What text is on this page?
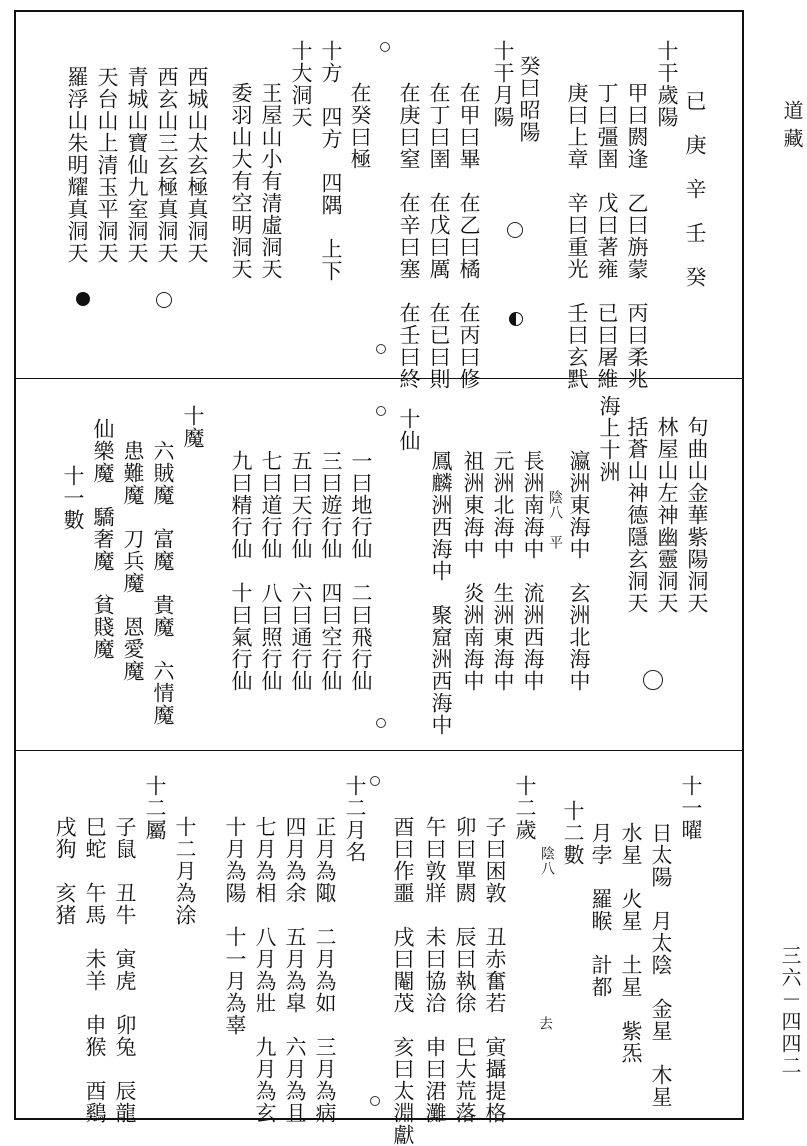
道藏
三六－四四二
已　庚　辛　壬　癸
十干歲陽
甲曰閼逢　乙曰旃蒙　丙曰柔兆
丁曰彊圉　戊曰著雍　已曰屠維
庚曰上章　辛曰重光　壬曰玄黓
癸曰昭陽
十干月陽
在甲曰畢　在乙曰橘　在丙曰修
在丁曰圉　在戊曰厲　在已曰則
在庚曰窒　在辛曰塞　在壬曰終
在癸曰極
十方　四方　四隅　上下
十大洞天
王屋山小有清虛洞天
委羽山大有空明洞天
西城山太玄極真洞天
西玄山三玄極真洞天
青城山寶仙九室洞天
天台山上清玉平洞天
羅浮山朱明耀真洞天
句曲山金華紫陽洞天
林屋山左神幽靈洞天
括蒼山神德隱玄洞天
海上十洲
瀛洲東海中　玄洲北海中
陰八　平
長洲南海中　流洲西海中
元洲北海中　生洲東海中
祖洲東海中　炎洲南海中
鳳麟洲西海中　聚窟洲西海中
十仙
一曰地行仙　二曰飛行仙
三曰遊行仙　四曰空行仙
五曰天行仙　六曰通行仙
七曰道行仙　八曰照行仙
九曰精行仙　十曰氣行仙
十魔
六賊魔　富魔　貴魔　六情魔
患難魔　刀兵魔　恩愛魔
仙樂魔　驕奢魔　貧賤魔
十一數
十一曜
日太陽　月太陰　金星　木星
水星　火星　土星　紫炁
月孛　羅睺　計都
十二數
陰八
十二歲
子曰困敦　丑赤奮若　寅攝提格
卯曰單閼　辰曰執徐　巳大荒落
午曰敦牂　未曰協洽　申曰涒灘
酉曰作噩　戌曰閹茂　亥曰太淵獻	去
十二月名
正月為陬　二月為如　三月為病
四月為余　五月為皐　六月為且
七月為相　八月為壯　九月為玄
十月為陽　十一月為辜
十二月為涂
十二屬
子鼠　丑牛　寅虎　卯兔　辰龍
巳蛇　午馬　未羊　申猴　酉鷄
戌狗　亥猪
